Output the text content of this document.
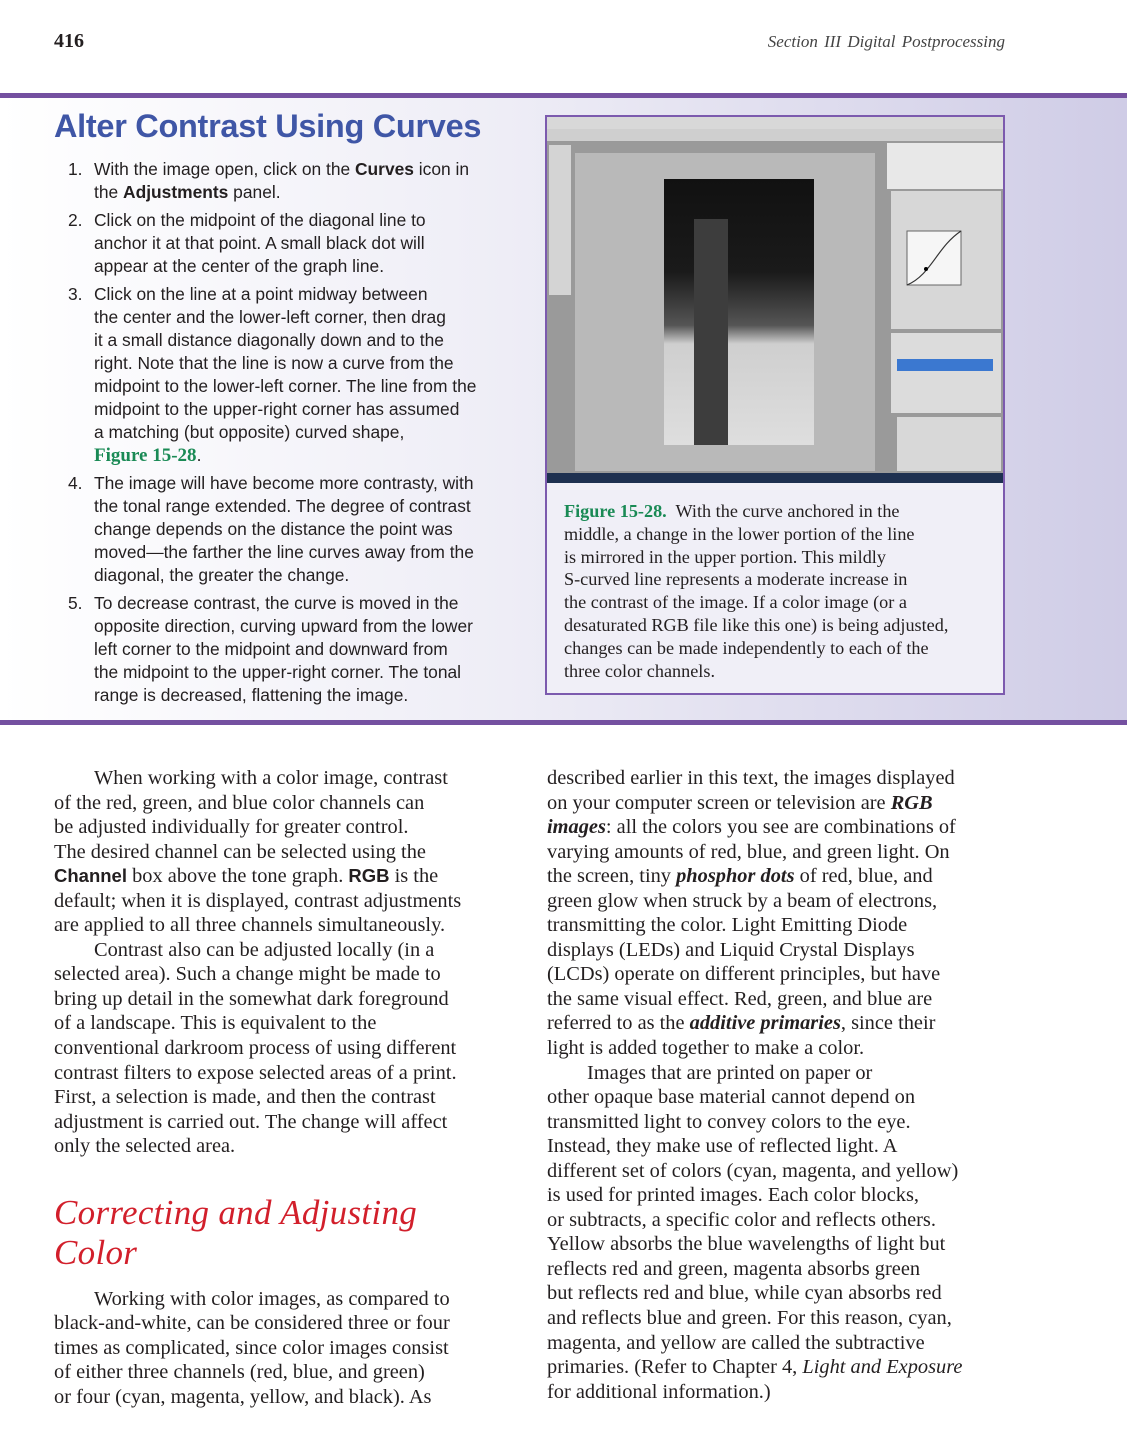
416	Section III Digital Postprocessing
Alter Contrast Using Curves
1. With the image open, click on the Curves icon in
the Adjustments panel.
2. Click on the midpoint of the diagonal line to
anchor it at that point. A small black dot will
appear at the center of the graph line.
3. Click on the line at a point midway between
the center and the lower-left corner, then drag
it a small distance diagonally down and to the
right. Note that the line is now a curve from the
midpoint to the lower-left corner. The line from the
midpoint to the upper-right corner has assumed
a matching (but opposite) curved shape,
Figure 15-28.
4. The image will have become more contrasty, with
the tonal range extended. The degree of contrast
change depends on the distance the point was
moved—the farther the line curves away from the
diagonal, the greater the change.
5. To decrease contrast, the curve is moved in the
opposite direction, curving upward from the lower
left corner to the midpoint and downward from
the midpoint to the upper-right corner. The tonal
range is decreased, flattening the image.
Figure 15-28. With the curve anchored in the
middle, a change in the lower portion of the line
is mirrored in the upper portion. This mildly
S-curved line represents a moderate increase in
the contrast of the image. If a color image (or a
desaturated RGB file like this one) is being adjusted,
changes can be made independently to each of the
three color channels.
When working with a color image, contrast
of the red, green, and blue color channels can
be adjusted individually for greater control.
The desired channel can be selected using the
Channel box above the tone graph. RGB is the
default; when it is displayed, contrast adjustments
are applied to all three channels simultaneously.
Contrast also can be adjusted locally (in a
selected area). Such a change might be made to
bring up detail in the somewhat dark foreground
of a landscape. This is equivalent to the
conventional darkroom process of using different
contrast filters to expose selected areas of a print.
First, a selection is made, and then the contrast
adjustment is carried out. The change will affect
only the selected area.
Correcting and Adjusting
Color
Working with color images, as compared to
black-and-white, can be considered three or four
times as complicated, since color images consist
of either three channels (red, blue, and green)
or four (cyan, magenta, yellow, and black). As
described earlier in this text, the images displayed
on your computer screen or television are RGB
images: all the colors you see are combinations of
varying amounts of red, blue, and green light. On
the screen, tiny phosphor dots of red, blue, and
green glow when struck by a beam of electrons,
transmitting the color. Light Emitting Diode
displays (LEDs) and Liquid Crystal Displays
(LCDs) operate on different principles, but have
the same visual effect. Red, green, and blue are
referred to as the additive primaries, since their
light is added together to make a color.
Images that are printed on paper or
other opaque base material cannot depend on
transmitted light to convey colors to the eye.
Instead, they make use of reflected light. A
different set of colors (cyan, magenta, and yellow)
is used for printed images. Each color blocks,
or subtracts, a specific color and reflects others.
Yellow absorbs the blue wavelengths of light but
reflects red and green, magenta absorbs green
but reflects red and blue, while cyan absorbs red
and reflects blue and green. For this reason, cyan,
magenta, and yellow are called the subtractive
primaries. (Refer to Chapter 4, Light and Exposure
for additional information.)
